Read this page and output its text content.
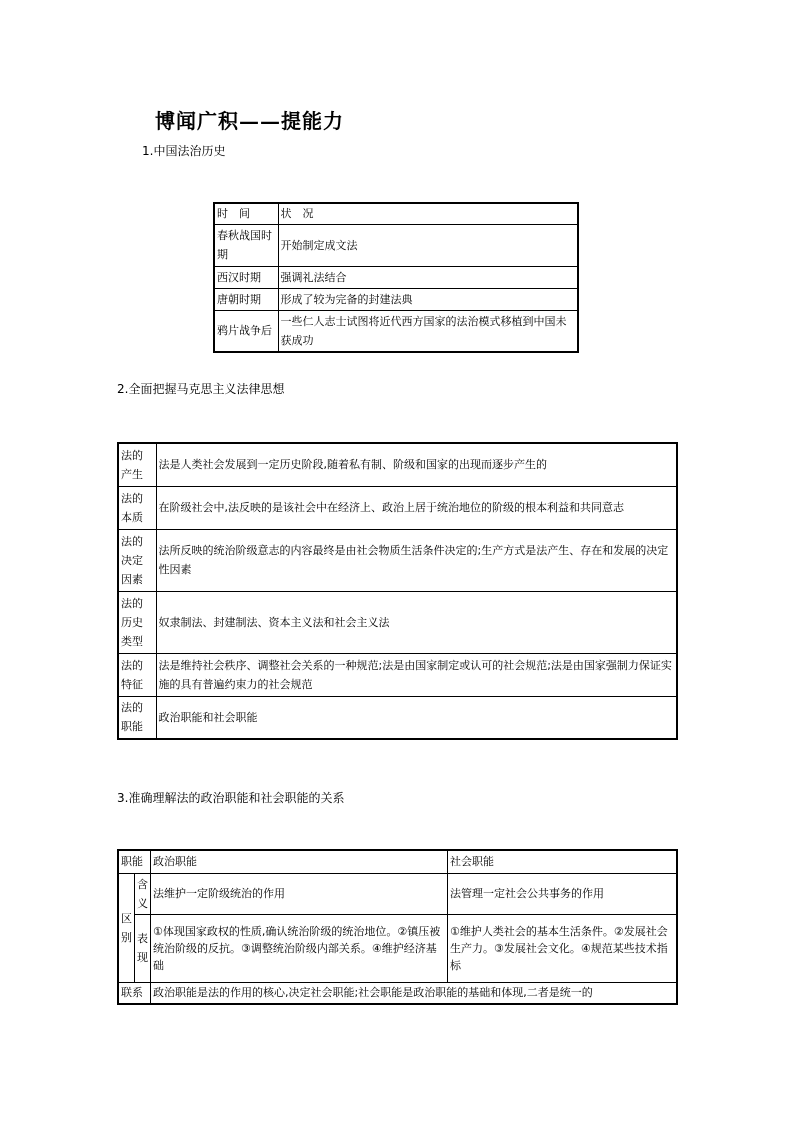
博闻广积——提能力
1.中国法治历史
时　间	状　况
春秋战国时期	开始制定成文法
西汉时期	强调礼法结合
唐朝时期	形成了较为完备的封建法典
鸦片战争后	一些仁人志士试图将近代西方国家的法治模式移植到中国未获成功
2.全面把握马克思主义法律思想
法的产生	法是人类社会发展到一定历史阶段,随着私有制、阶级和国家的出现而逐步产生的
法的本质	在阶级社会中,法反映的是该社会中在经济上、政治上居于统治地位的阶级的根本利益和共同意志
法的决定因素	法所反映的统治阶级意志的内容最终是由社会物质生活条件决定的;生产方式是法产生、存在和发展的决定性因素
法的历史类型	奴隶制法、封建制法、资本主义法和社会主义法
法的特征	法是维持社会秩序、调整社会关系的一种规范;法是由国家制定或认可的社会规范;法是由国家强制力保证实施的具有普遍约束力的社会规范
法的职能	政治职能和社会职能
3.准确理解法的政治职能和社会职能的关系
职能		政治职能	社会职能
区别	含义	法维护一定阶级统治的作用	法管理一定社会公共事务的作用
	表现	①体现国家政权的性质,确认统治阶级的统治地位。②镇压被统治阶级的反抗。③调整统治阶级内部关系。④维护经济基础	①维护人类社会的基本生活条件。②发展社会生产力。③发展社会文化。④规范某些技术指标
联系		政治职能是法的作用的核心,决定社会职能;社会职能是政治职能的基础和体现,二者是统一的	
